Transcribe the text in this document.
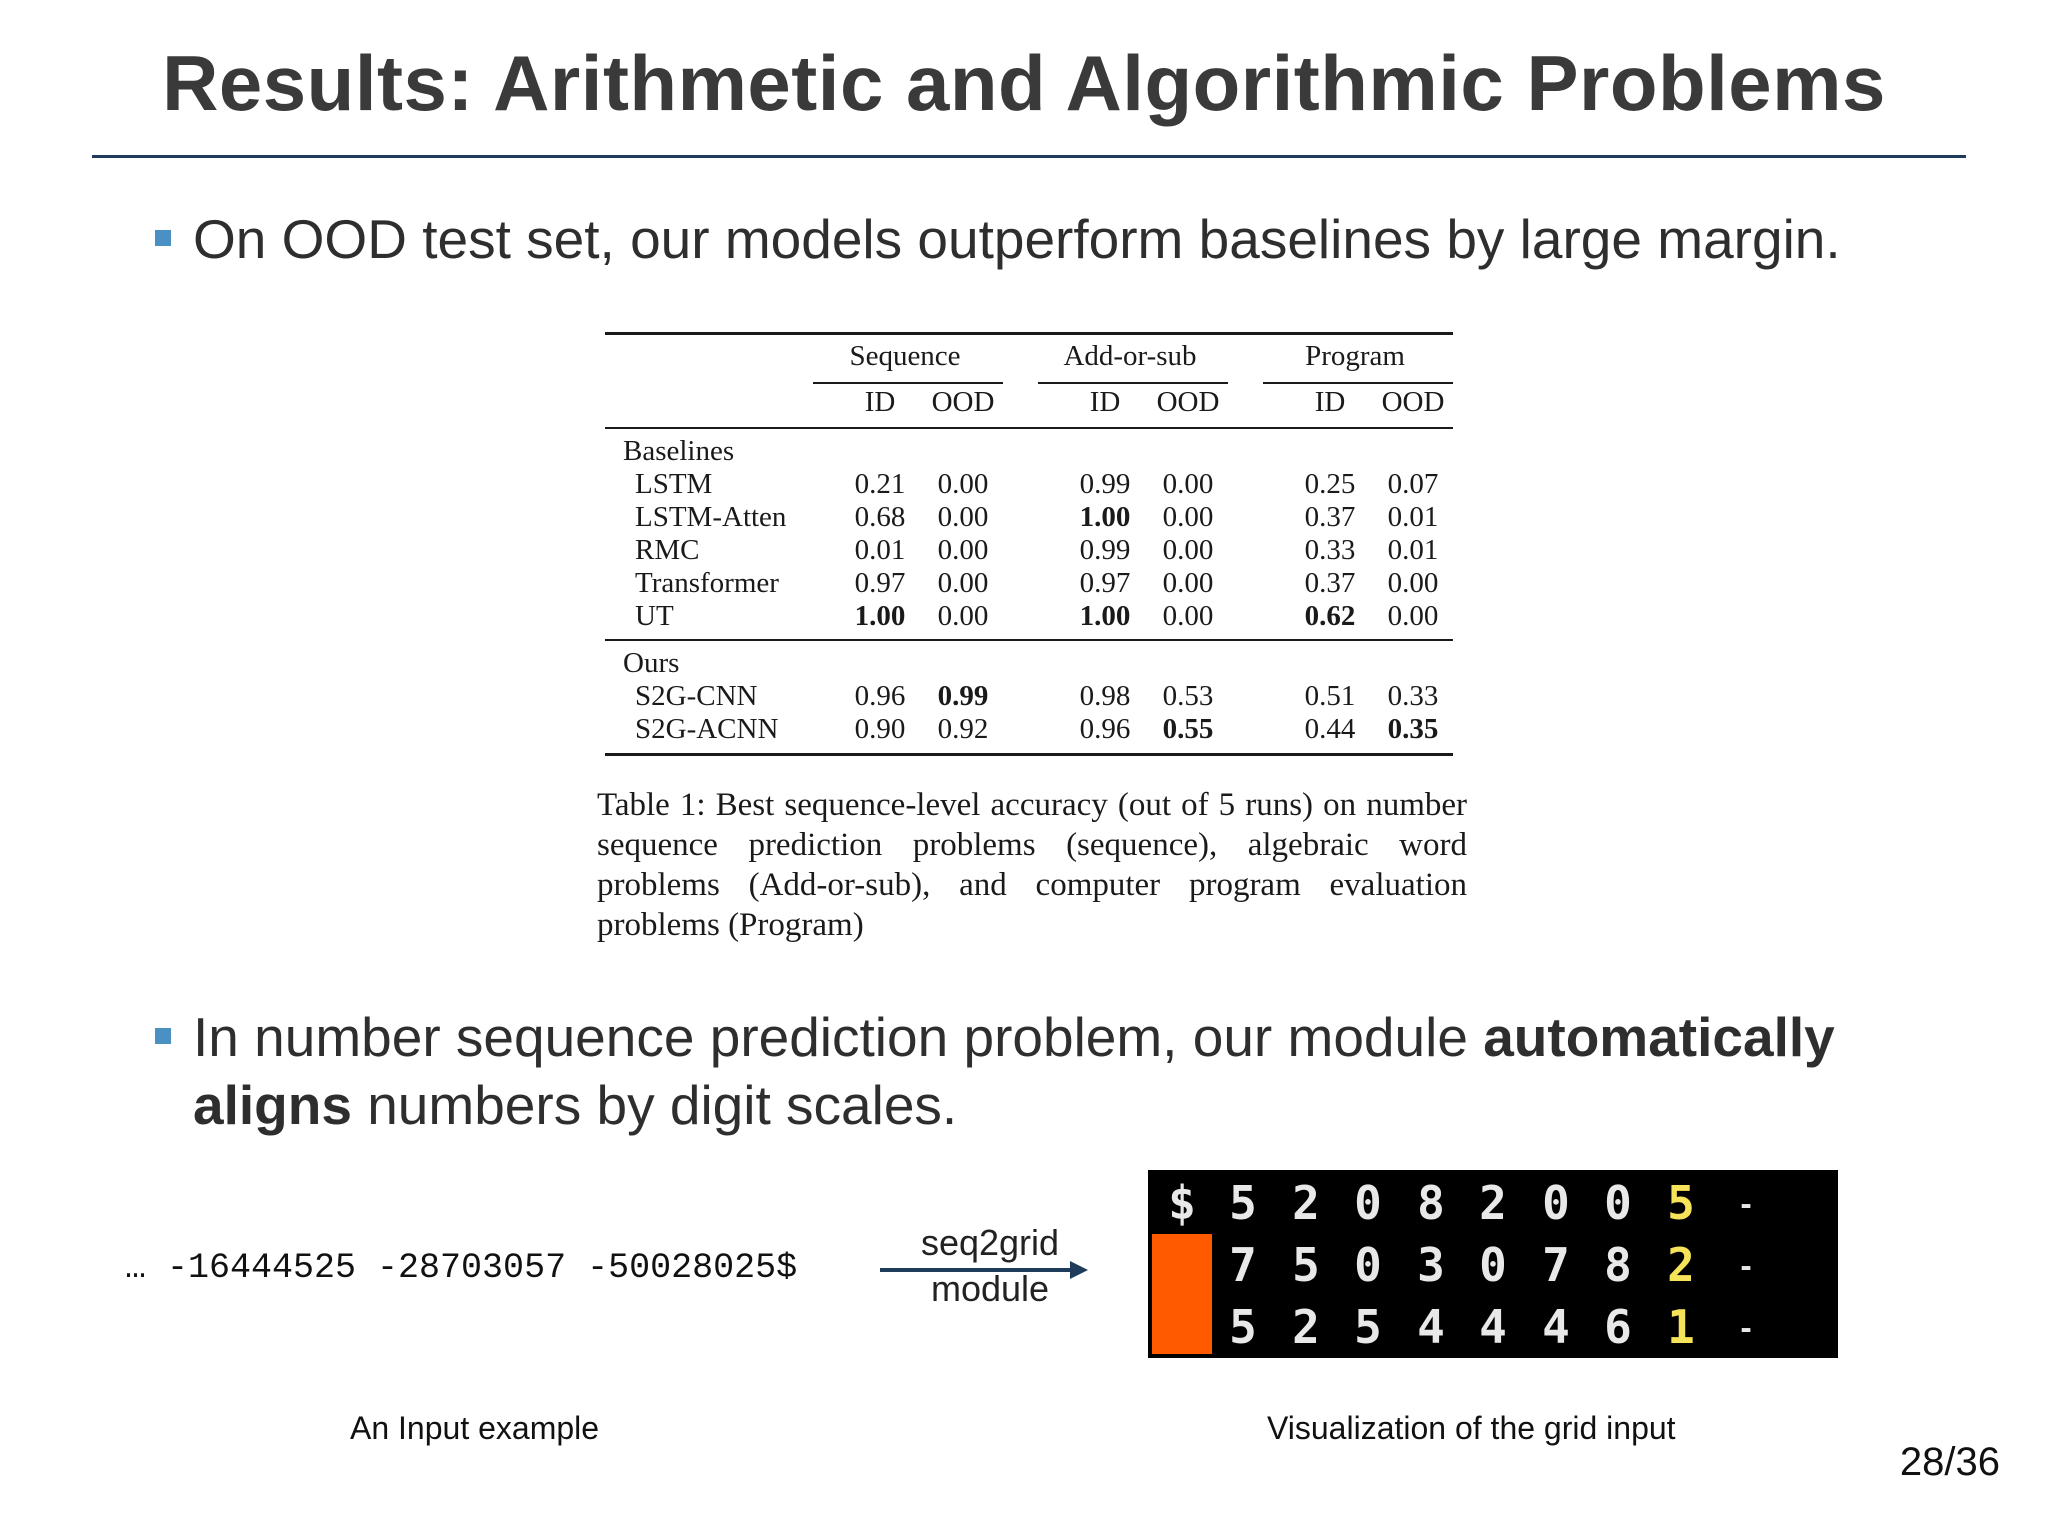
Results: Arithmetic and Algorithmic Problems
On OOD test set, our models outperform baselines by large margin.
Sequence	Add-or-sub	Program
ID	OOD	ID	OOD	ID	OOD
Baselines
LSTM	0.21	0.00	0.99	0.00	0.25	0.07
LSTM-Atten	0.68	0.00	1.00	0.00	0.37	0.01
RMC	0.01	0.00	0.99	0.00	0.33	0.01
Transformer	0.97	0.00	0.97	0.00	0.37	0.00
UT	1.00	0.00	1.00	0.00	0.62	0.00
Ours
S2G-CNN	0.96	0.99	0.98	0.53	0.51	0.33
S2G-ACNN	0.90	0.92	0.96	0.55	0.44	0.35
Table 1: Best sequence-level accuracy (out of 5 runs) on number sequence prediction problems (sequence), algebraic word problems (Add-or-sub), and computer program evaluation problems (Program)
In number sequence prediction problem, our module automatically
aligns numbers by digit scales.
… -16444525 -28703057 -50028025$
seq2grid
module
$ 5 2 0 8 2 0 0 5	-
7 5 0 3 0 7 8 2	-
5 2 5 4 4 4 6 1	-
An Input example	Visualization of the grid input
28/36
